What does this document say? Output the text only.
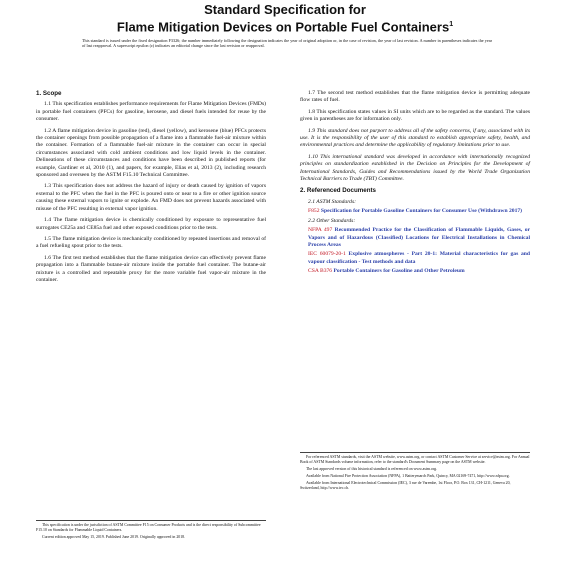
Standard Specification for
Flame Mitigation Devices on Portable Fuel Containers$^1$
This standard is issued under the fixed designation F3326; the number immediately following the designation indicates the year of original adoption or, in the case of revision, the year of last revision. A number in parentheses indicates the year of last reapproval. A superscript epsilon (ε) indicates an editorial change since the last revision or reapproval.
1. Scope

1.1 This specification establishes performance requirements for Flame Mitigation Devices (FMDs) in portable fuel containers (PFCs) for gasoline, kerosene, and diesel fuels intended for reuse by the consumer.

1.2 A flame mitigation device in gasoline (red), diesel (yellow), and kerosene (blue) PFCs protects the container openings from possible propagation of a flame into a flammable fuel-air mixture within the container. Formation of a flammable fuel-air mixture in the container can occur in special circumstances associated with cold ambient conditions and low liquid levels in the container. Delineations of these circumstances and conditions have been described in published reports (for example, Gardiner et al, 2010 (1), and papers, for example, Elias et al, 2013 (2), including research sponsored and overseen by the ASTM F15.10 Technical Committee.

1.3 This specification does not address the hazard of injury or death caused by ignition of vapors external to the PFC when the fuel in the PFC is poured onto or near to a fire or other ignition source causing these external vapors to ignite or explode. An FMD does not prevent hazards associated with misuse of the PFC resulting in external vapor ignition.

1.4 The flame mitigation device is chemically conditioned by exposure to representative fuel surrogates CE25a and CE85a fuel and other exposed conditions prior to the tests.

1.5 The flame mitigation device is mechanically conditioned by repeated insertions and removal of a fuel refueling spout prior to the tests.

1.6 The first test method establishes that the flame mitigation device can effectively prevent flame propagation into a flammable butane-air mixture inside the portable fuel container. The butane-air mixture is a controlled and repeatable proxy for the more variable fuel vapor-air mixture in the container.

1.7 The second test method establishes that the flame mitigation device is permitting adequate flow rates of fuel.

1.8 This specification states values in SI units which are to be regarded as the standard. The values given in parentheses are for information only.

1.9 This standard does not purport to address all of the safety concerns, if any, associated with its use. It is the responsibility of the user of this standard to establish appropriate safety, health, and environmental practices and determine the applicability of regulatory limitations prior to use.

1.10 This international standard was developed in accordance with internationally recognized principles on standardization established in the Decision on Principles for the Development of International Standards, Guides and Recommendations issued by the World Trade Organization Technical Barriers to Trade (TBT) Committee.

2. Referenced Documents
2.1 ASTM Standards:
F852 Specification for Portable Gasoline Containers for Consumer Use (Withdrawn 2017)
2.2 Other Standards:
NFPA 497 Recommended Practice for the Classification of Flammable Liquids, Gases, or Vapors and of Hazardous (Classified) Locations for Electrical Installations in Chemical Process Areas
IEC 60079-20-1 Explosive atmospheres - Part 20-1: Material characteristics for gas and vapour classification - Test methods and data
CSA B376 Portable Containers for Gasoline and Other Petroleum

This specification is under the jurisdiction of ASTM Committee F15 on Consumer Products and is the direct responsibility of Subcommittee F15.10 on Standards for Flammable Liquid Containers.

Current edition approved May 15, 2019. Published June 2019. Originally approved in 2018.

For referenced ASTM standards, visit the ASTM website, www.astm.org, or contact ASTM Customer Service at service@astm.org. For Annual Book of ASTM Standards volume information, refer to the standard's Document Summary page on the ASTM website.

The last approved version of this historical standard is referenced on www.astm.org.

Available from National Fire Protection Association (NFPA), 1 Batterymarch Park, Quincy, MA 02169-7471, http://www.nfpa.org.

Available from International Electrotechnical Commission (IEC), 3 rue de Varembe, 1st Floor, P.O. Box 131, CH-1211, Geneva 20, Switzerland, http://www.iec.ch.
